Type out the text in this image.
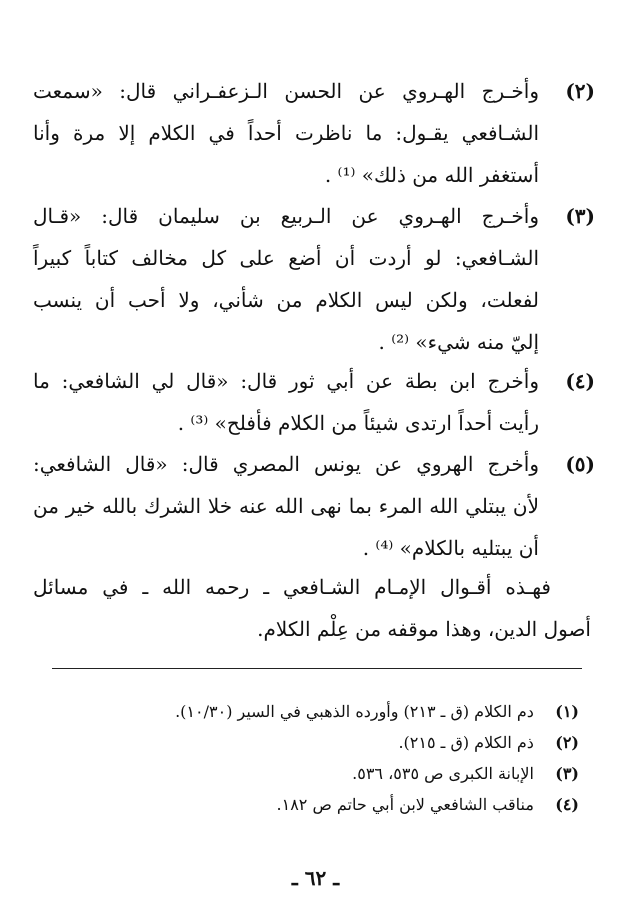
(٢)
وأخـرج الهـروي عن الحسن الـزعفـراني قال: «سمعت
الشـافعي يقـول: ما ناظرت أحداً في الكلام إلا مرة وأنا
أستغفر الله من ذلك» ⁽¹⁾ .
(٣)
وأخـرج الهـروي عن الـربيع بن سليمان قال: «قـال
الشـافعي: لو أردت أن أضع على كل مخالف كتاباً كبيراً
لفعلت، ولكن ليس الكلام من شأني، ولا أحب أن ينسب
إليّ منه شيء» ⁽²⁾ .
(٤)
وأخرج ابن بطة عن أبي ثور قال: «قال لي الشافعي: ما
رأيت أحداً ارتدى شيئاً من الكلام فأفلح» ⁽³⁾ .
(٥)
وأخرج الهروي عن يونس المصري قال: «قال الشافعي:
لأن يبتلي الله المرء بما نهى الله عنه خلا الشرك بالله خير من
أن يبتليه بالكلام» ⁽⁴⁾ .
فهـذه أقـوال الإمـام الشـافعي ـ رحمه الله ـ في مسائل
أصول الدين، وهذا موقفه من عِلْم الكلام.
(١) دم الكلام (ق ـ ٢١٣) وأورده الذهبي في السير (١٠/٣٠).
(٢) ذم الكلام (ق ـ ٢١٥).
(٣) الإبانة الكبرى ص ٥٣٥، ٥٣٦.
(٤) مناقب الشافعي لابن أبي حاتم ص ١٨٢.
ـ ٦٢ ـ
